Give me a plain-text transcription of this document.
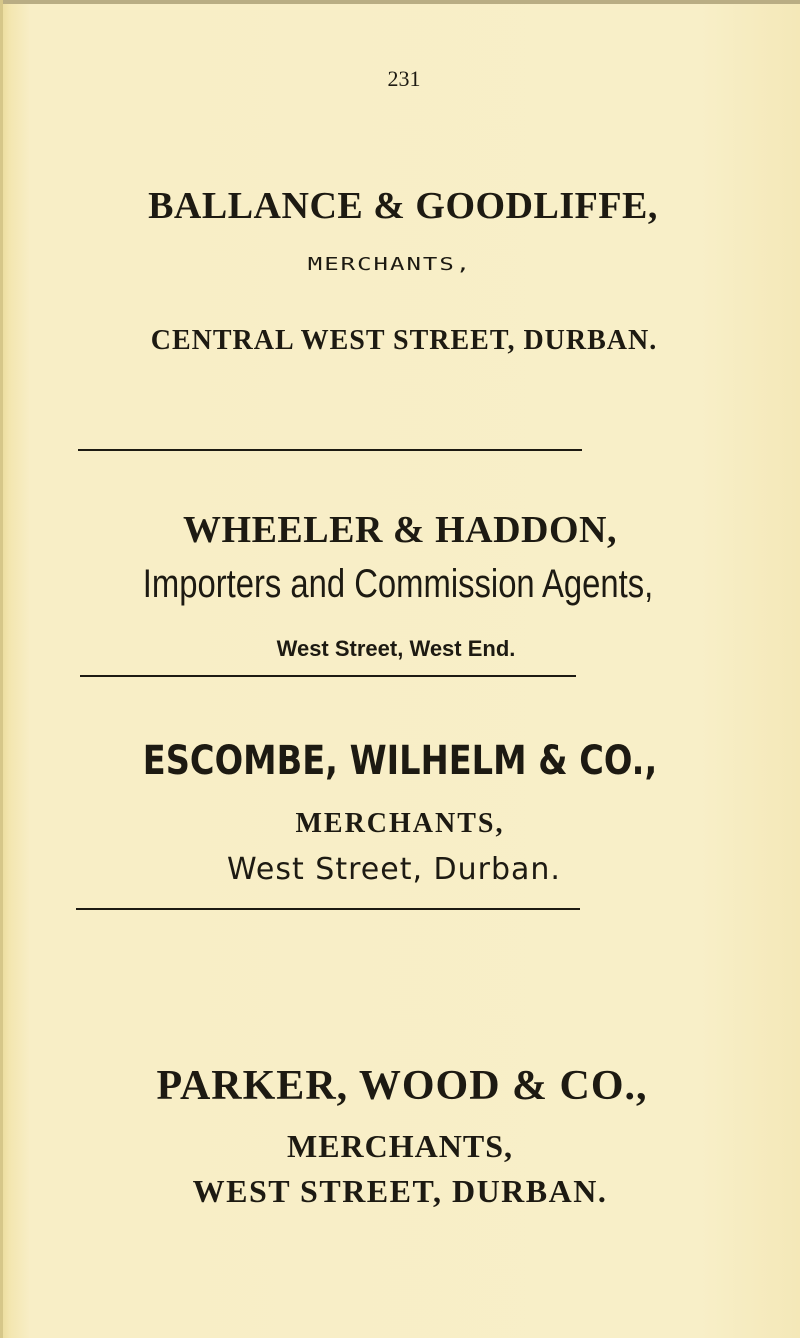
231
BALLANCE & GOODLIFFE,
MERCHANTS,
CENTRAL WEST STREET, DURBAN.
WHEELER & HADDON,
Importers and Commission Agents,
West Street, West End.
ESCOMBE, WILHELM & CO.,
MERCHANTS,
West Street, Durban.
PARKER, WOOD & CO.,
MERCHANTS,
WEST STREET, DURBAN.
